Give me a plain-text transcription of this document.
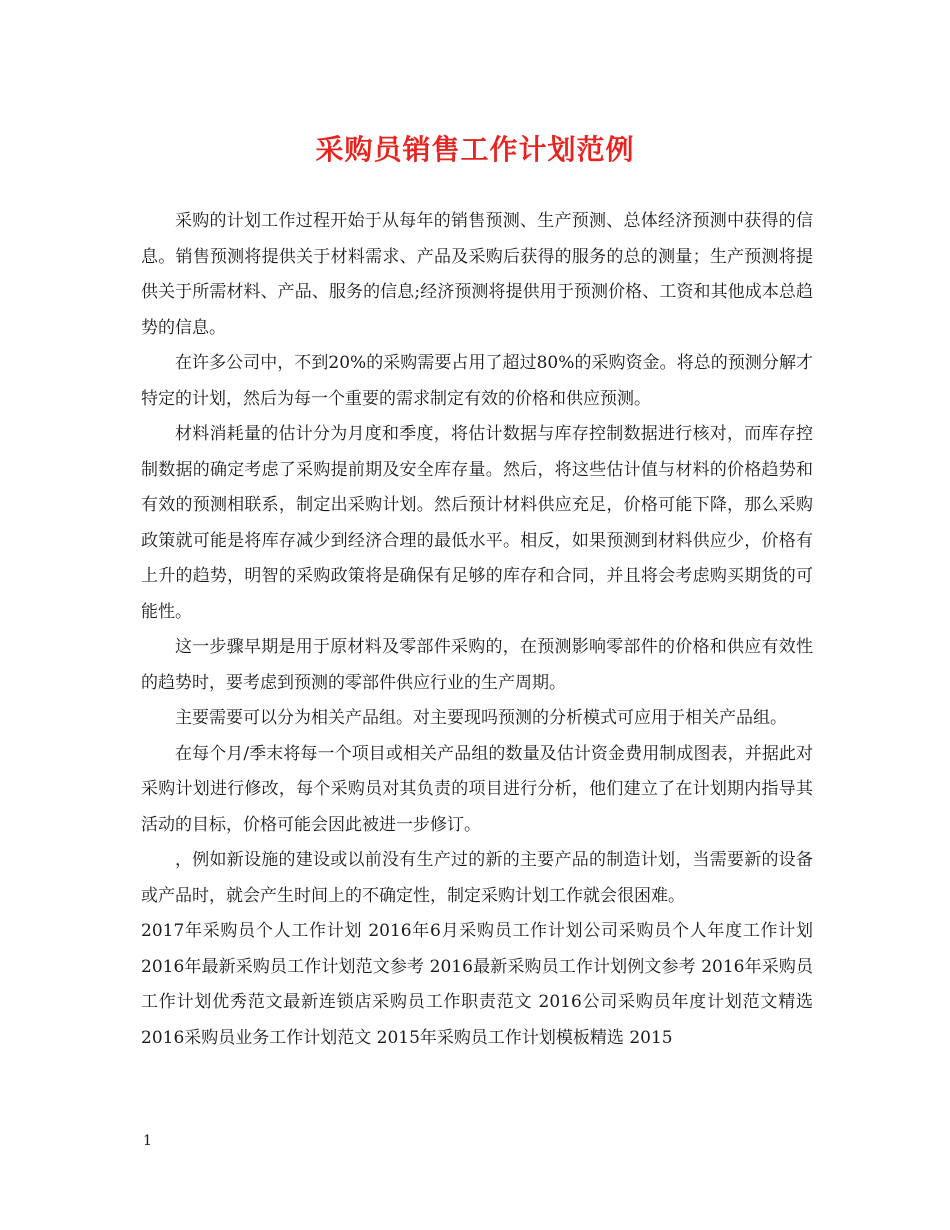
采购员销售工作计划范例

采购的计划工作过程开始于从每年的销售预测、生产预测、总体经济预测中获得的信息。销售预测将提供关于材料需求、产品及采购后获得的服务的总的测量；生产预测将提供关于所需材料、产品、服务的信息;经济预测将提供用于预测价格、工资和其他成本总趋势的信息。

在许多公司中，不到20%的采购需要占用了超过80%的采购资金。将总的预测分解才特定的计划，然后为每一个重要的需求制定有效的价格和供应预测。

材料消耗量的估计分为月度和季度，将估计数据与库存控制数据进行核对，而库存控制数据的确定考虑了采购提前期及安全库存量。然后，将这些估计值与材料的价格趋势和有效的预测相联系，制定出采购计划。然后预计材料供应充足，价格可能下降，那么采购政策就可能是将库存减少到经济合理的最低水平。相反，如果预测到材料供应少，价格有上升的趋势，明智的采购政策将是确保有足够的库存和合同，并且将会考虑购买期货的可能性。

这一步骤早期是用于原材料及零部件采购的，在预测影响零部件的价格和供应有效性的趋势时，要考虑到预测的零部件供应行业的生产周期。

主要需要可以分为相关产品组。对主要现吗预测的分析模式可应用于相关产品组。

在每个月/季末将每一个项目或相关产品组的数量及估计资金费用制成图表，并据此对采购计划进行修改，每个采购员对其负责的项目进行分析，他们建立了在计划期内指导其活动的目标，价格可能会因此被进一步修订。

，例如新设施的建设或以前没有生产过的新的主要产品的制造计划，当需要新的设备或产品时，就会产生时间上的不确定性，制定采购计划工作就会很困难。

2017年采购员个人工作计划 2016年6月采购员工作计划公司采购员个人年度工作计划 2016年最新采购员工作计划范文参考 2016最新采购员工作计划例文参考 2016年采购员工作计划优秀范文最新连锁店采购员工作职责范文 2016公司采购员年度计划范文精选 2016采购员业务工作计划范文 2015年采购员工作计划模板精选 2015

1
